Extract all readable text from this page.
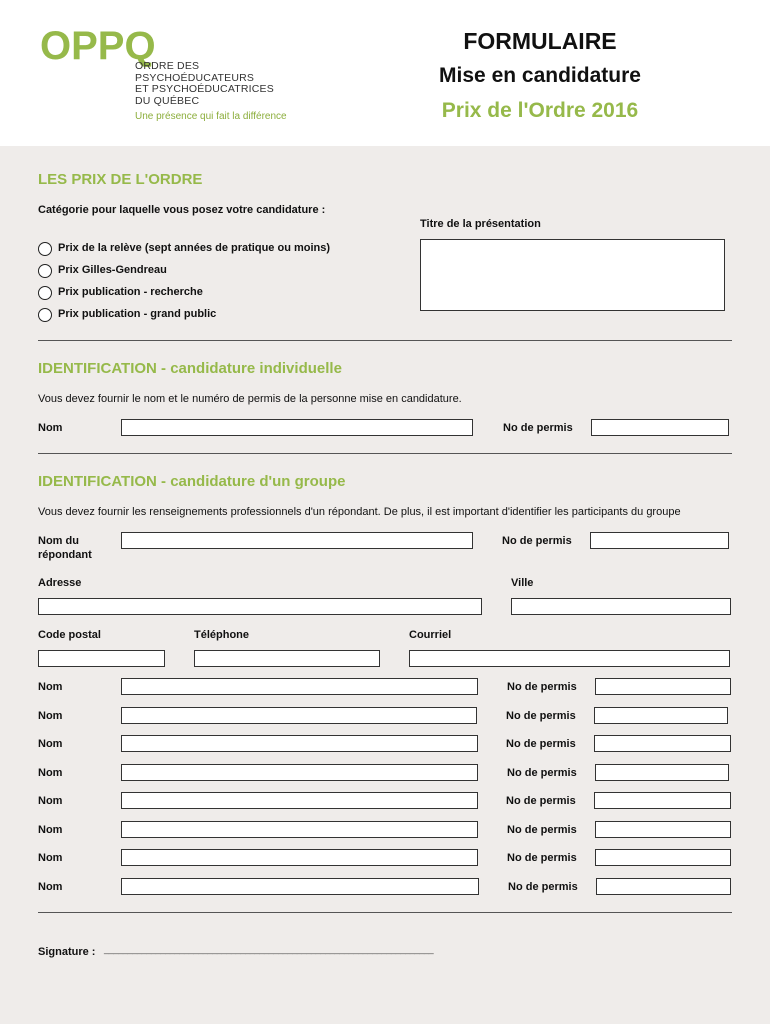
OPPQ
ORDRE DES
PSYCHOÉDUCATEURS
ET PSYCHOÉDUCATRICES
DU QUÉBEC
Une présence qui fait la différence
FORMULAIRE
Mise en candidature
Prix de l'Ordre 2016
LES PRIX DE L'ORDRE
Catégorie pour laquelle vous posez votre candidature :
Titre de la présentation
Prix de la relève (sept années de pratique ou moins)
Prix Gilles-Gendreau
Prix publication - recherche
Prix publication - grand public
IDENTIFICATION - candidature individuelle
Vous devez fournir le nom et le numéro de permis de la personne mise en candidature.
Nom	No de permis
IDENTIFICATION - candidature d'un groupe
Vous devez fournir les renseignements professionnels d'un répondant. De plus, il est important d'identifier les participants du groupe
Nom du
répondant
No de permis
Adresse	Ville
Code postal	Téléphone	Courriel
Nom	No de permis
Nom	No de permis
Nom	No de permis
Nom	No de permis
Nom	No de permis
Nom	No de permis
Nom	No de permis
Nom	No de permis
Signature : ______________________________________________________________________
